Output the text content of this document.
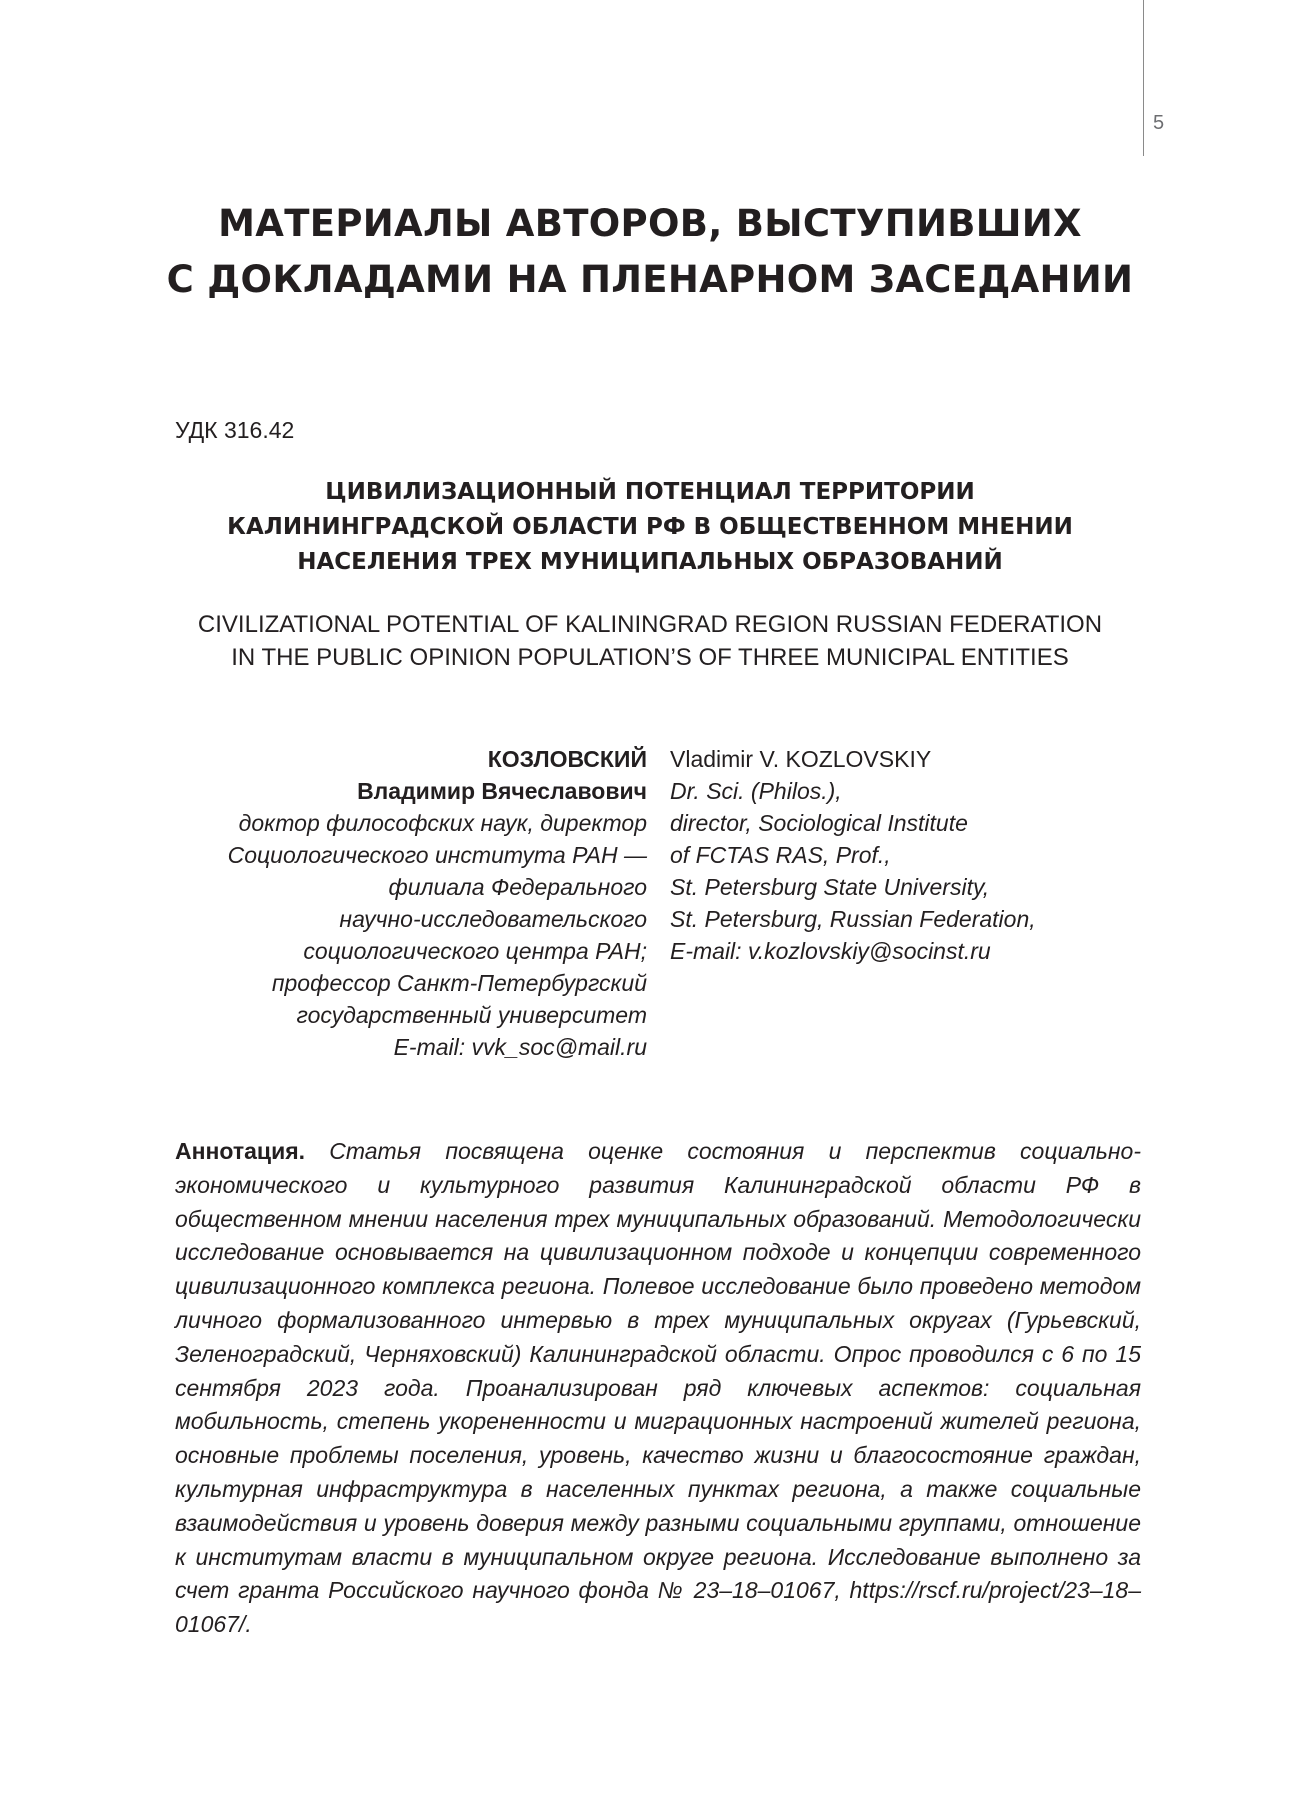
5
МАТЕРИАЛЫ АВТОРОВ, ВЫСТУПИВШИХ
С ДОКЛАДАМИ НА ПЛЕНАРНОМ ЗАСЕДАНИИ
УДК 316.42
ЦИВИЛИЗАЦИОННЫЙ ПОТЕНЦИАЛ ТЕРРИТОРИИ
КАЛИНИНГРАДСКОЙ ОБЛАСТИ РФ В ОБЩЕСТВЕННОМ МНЕНИИ
НАСЕЛЕНИЯ ТРЕХ МУНИЦИПАЛЬНЫХ ОБРАЗОВАНИЙ
CIVILIZATIONAL POTENTIAL OF KALININGRAD REGION RUSSIAN FEDERATION
IN THE PUBLIC OPINION POPULATION’S OF THREE MUNICIPAL ENTITIES
КОЗЛОВСКИЙ
Владимир Вячеславович
доктор философских наук, директор
Социологического института РАН —
филиала Федерального
научно-исследовательского
социологического центра РАН;
профессор Санкт-Петербургский
государственный университет
E-mail: vvk_soc@mail.ru
Vladimir V. KOZLOVSKIY
Dr. Sci. (Philos.),
director, Sociological Institute
of FCTAS RAS, Prof.,
St. Petersburg State University,
St. Petersburg, Russian Federation,
E-mail: v.kozlovskiy@socinst.ru
Аннотация. Статья посвящена оценке состояния и перспектив социально-экономического и культурного развития Калининградской области РФ в общественном мнении населения трех муниципальных образований. Методологически исследование основывается на цивилизационном подходе и концепции современного цивилизационного комплекса региона. Полевое исследование было проведено методом личного формализованного интервью в трех муниципальных округах (Гурьевский, Зеленоградский, Черняховский) Калининградской области. Опрос проводился с 6 по 15 сентября 2023 года. Проанализирован ряд ключевых аспектов: социальная мобильность, степень укорененности и миграционных настроений жителей региона, основные проблемы поселения, уровень, качество жизни и благосостояние граждан, культурная инфраструктура в населенных пунктах региона, а также социальные взаимодействия и уровень доверия между разными социальными группами, отношение к институтам власти в муниципальном округе региона. Исследование выполнено за счет гранта Российского научного фонда № 23–18–01067, https://rscf.ru/project/23–18–01067/.
